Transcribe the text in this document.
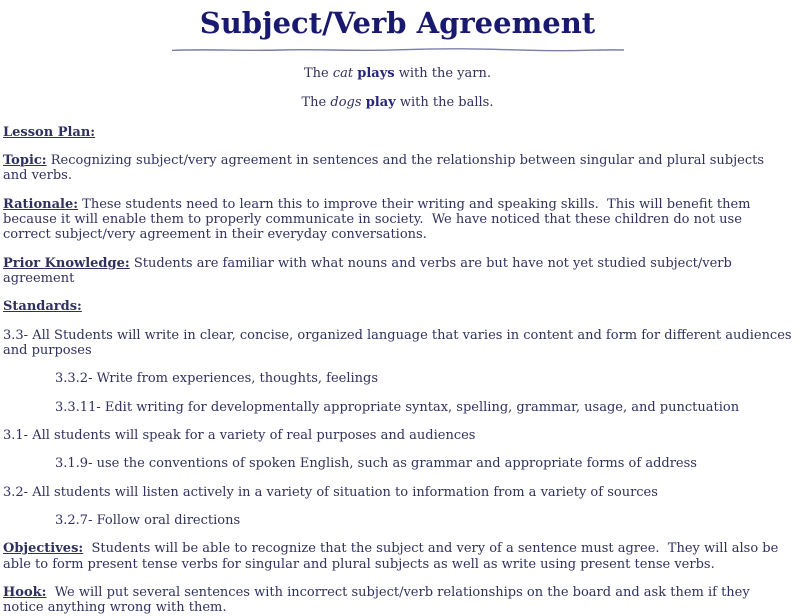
Subject/Verb Agreement

The cat plays with the yarn.

The dogs play with the balls.

Lesson Plan:

Topic: Recognizing subject/very agreement in sentences and the relationship between singular and plural subjects and verbs.

Rationale: These students need to learn this to improve their writing and speaking skills.  This will benefit them because it will enable them to properly communicate in society.  We have noticed that these children do not use correct subject/very agreement in their everyday conversations.

Prior Knowledge: Students are familiar with what nouns and verbs are but have not yet studied subject/verb agreement

Standards:

3.3- All Students will write in clear, concise, organized language that varies in content and form for different audiences and purposes

3.3.2- Write from experiences, thoughts, feelings

3.3.11- Edit writing for developmentally appropriate syntax, spelling, grammar, usage, and punctuation

3.1- All students will speak for a variety of real purposes and audiences

3.1.9- use the conventions of spoken English, such as grammar and appropriate forms of address

3.2- All students will listen actively in a variety of situation to information from a variety of sources

3.2.7- Follow oral directions

Objectives:  Students will be able to recognize that the subject and very of a sentence must agree.  They will also be able to form present tense verbs for singular and plural subjects as well as write using present tense verbs.

Hook:  We will put several sentences with incorrect subject/verb relationships on the board and ask them if they notice anything wrong with them.
